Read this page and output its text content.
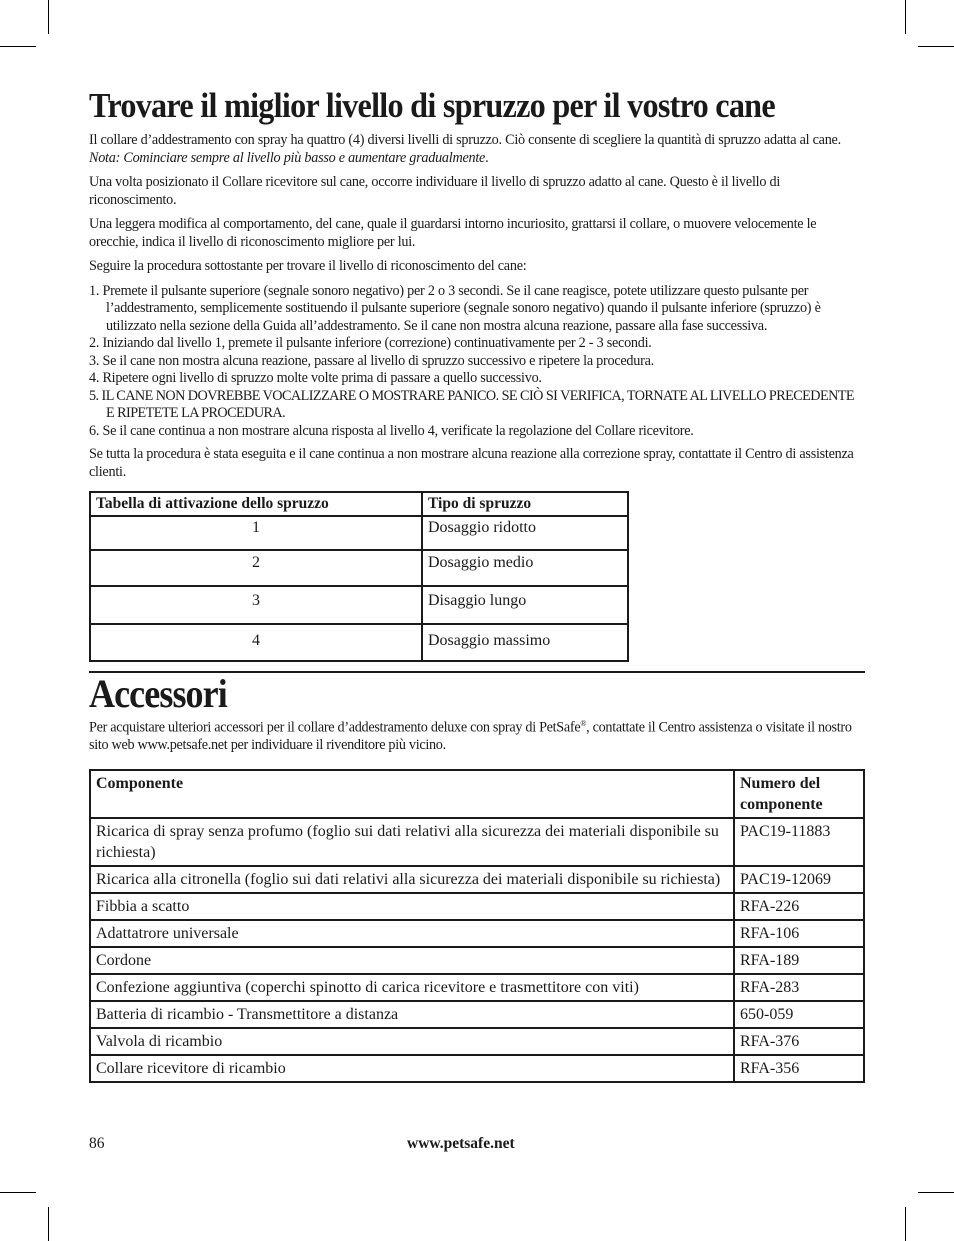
Trovare il miglior livello di spruzzo per il vostro cane

Il collare d’addestramento con spray ha quattro (4) diversi livelli di spruzzo. Ciò consente di scegliere la quantità di spruzzo adatta al cane. Nota: Cominciare sempre al livello più basso e aumentare gradualmente.

Una volta posizionato il Collare ricevitore sul cane, occorre individuare il livello di spruzzo adatto al cane. Questo è il livello di riconoscimento.

Una leggera modifica al comportamento, del cane, quale il guardarsi intorno incuriosito, grattarsi il collare, o muovere velocemente le orecchie, indica il livello di riconoscimento migliore per lui.

Seguire la procedura sottostante per trovare il livello di riconoscimento del cane:

1. Premete il pulsante superiore (segnale sonoro negativo) per 2 o 3 secondi. Se il cane reagisce, potete utilizzare questo pulsante per l’addestramento, semplicemente sostituendo il pulsante superiore (segnale sonoro negativo) quando il pulsante inferiore (spruzzo) è utilizzato nella sezione della Guida all’addestramento. Se il cane non mostra alcuna reazione, passare alla fase successiva.
2. Iniziando dal livello 1, premete il pulsante inferiore (correzione) continuativamente per 2 - 3 secondi.
3. Se il cane non mostra alcuna reazione, passare al livello di spruzzo successivo e ripetere la procedura.
4. Ripetere ogni livello di spruzzo molte volte prima di passare a quello successivo.
5. IL CANE NON DOVREBBE VOCALIZZARE O MOSTRARE PANICO. SE CIÒ SI VERIFICA, TORNATE AL LIVELLO PRECEDENTE E RIPETETE LA PROCEDURA.
6. Se il cane continua a non mostrare alcuna risposta al livello 4, verificate la regolazione del Collare ricevitore.

Se tutta la procedura è stata eseguita e il cane continua a non mostrare alcuna reazione alla correzione spray, contattate il Centro di assistenza clienti.

Tabella di attivazione dello spruzzo	Tipo di spruzzo
1	Dosaggio ridotto
2	Dosaggio medio
3	Disaggio lungo
4	Dosaggio massimo
Accessori

Per acquistare ulteriori accessori per il collare d’addestramento deluxe con spray di PetSafe®, contattate il Centro assistenza o visitate il nostro sito web www.petsafe.net per individuare il rivenditore più vicino.

Componente	Numero del componente
Ricarica di spray senza profumo (foglio sui dati relativi alla sicurezza dei materiali disponibile su richiesta)	PAC19-11883
Ricarica alla citronella (foglio sui dati relativi alla sicurezza dei materiali disponibile su richiesta)	PAC19-12069
Fibbia a scatto	RFA-226
Adattatrore universale	RFA-106
Cordone	RFA-189
Confezione aggiuntiva (coperchi spinotto di carica ricevitore e trasmettitore con viti)	RFA-283
Batteria di ricambio - Transmettitore a distanza	650-059
Valvola di ricambio	RFA-376
Collare ricevitore di ricambio	RFA-356
86	www.petsafe.net
